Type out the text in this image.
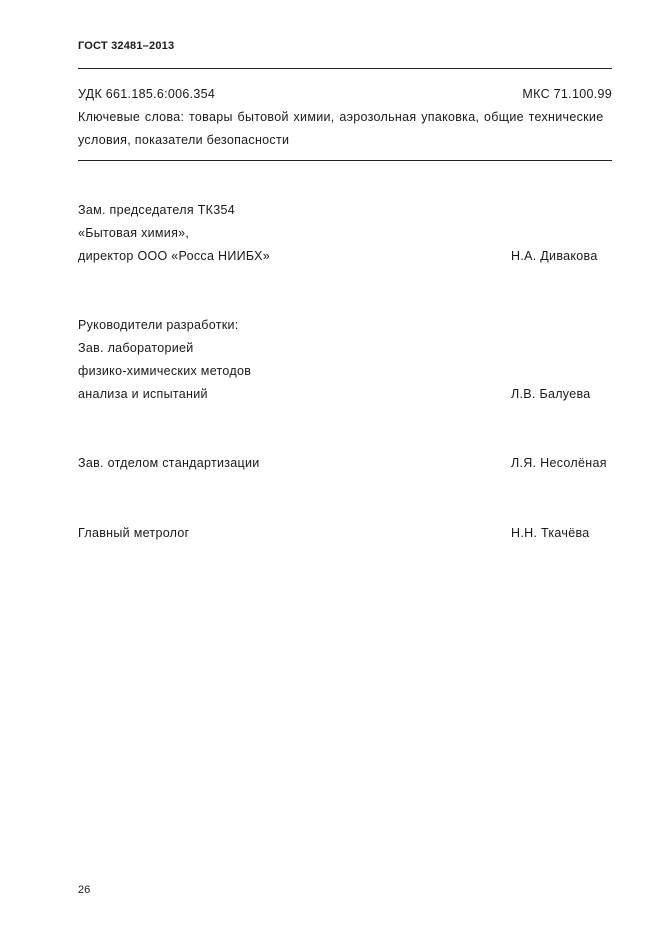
ГОСТ 32481–2013
УДК 661.185.6:006.354	МКС 71.100.99
Ключевые слова: товары бытовой химии, аэрозольная упаковка, общие технические
условия, показатели безопасности
Зам. председателя ТК354
«Бытовая химия»,
директор ООО «Росса НИИБХ»	Н.А. Дивакова
Руководители разработки:
Зав. лабораторией
физико-химических методов
анализа и испытаний	Л.В. Балуева
Зав. отделом стандартизации	Л.Я. Несолёная
Главный метролог	Н.Н. Ткачёва
26
